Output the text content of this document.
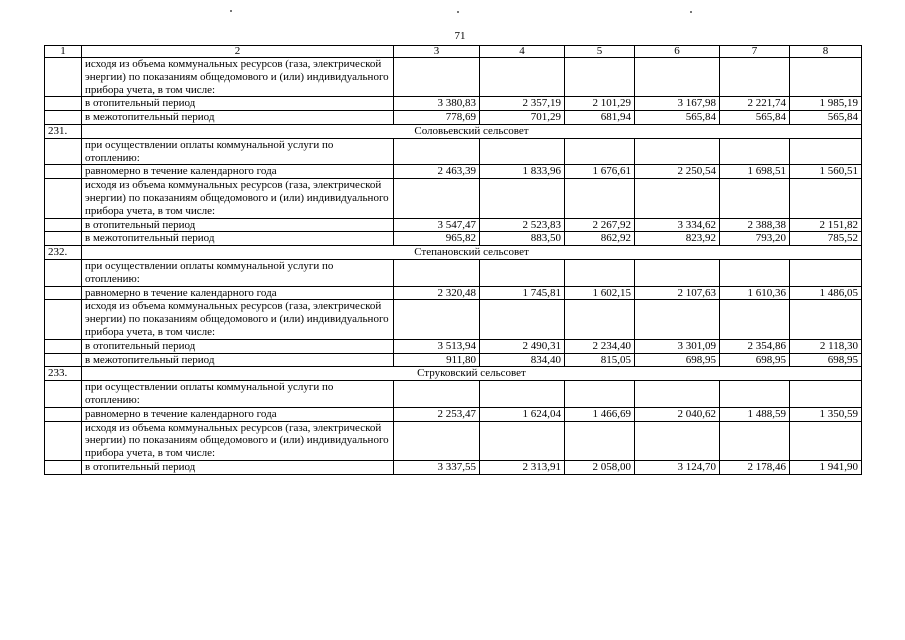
71
1	2	3	4	5	6	7	8
	исходя из объема коммунальных ресурсов (газа, электрической энергии) по показаниям общедомового и (или) индивидуального прибора учета, в том числе:						
	в отопительный период	3 380,83	2 357,19	2 101,29	3 167,98	2 221,74	1 985,19
	в межотопительный период	778,69	701,29	681,94	565,84	565,84	565,84
231.	Соловьевский сельсовет						
	при осуществлении оплаты коммунальной услуги по отоплению:						
	равномерно в течение календарного года	2 463,39	1 833,96	1 676,61	2 250,54	1 698,51	1 560,51
	исходя из объема коммунальных ресурсов (газа, электрической энергии) по показаниям общедомового и (или) индивидуального прибора учета, в том числе:						
	в отопительный период	3 547,47	2 523,83	2 267,92	3 334,62	2 388,38	2 151,82
	в межотопительный период	965,82	883,50	862,92	823,92	793,20	785,52
232.	Степановский сельсовет						
	при осуществлении оплаты коммунальной услуги по отоплению:						
	равномерно в течение календарного года	2 320,48	1 745,81	1 602,15	2 107,63	1 610,36	1 486,05
	исходя из объема коммунальных ресурсов (газа, электрической энергии) по показаниям общедомового и (или) индивидуального прибора учета, в том числе:						
	в отопительный период	3 513,94	2 490,31	2 234,40	3 301,09	2 354,86	2 118,30
	в межотопительный период	911,80	834,40	815,05	698,95	698,95	698,95
233.	Струковский сельсовет						
	при осуществлении оплаты коммунальной услуги по отоплению:						
	равномерно в течение календарного года	2 253,47	1 624,04	1 466,69	2 040,62	1 488,59	1 350,59
	исходя из объема коммунальных ресурсов (газа, электрической энергии) по показаниям общедомового и (или) индивидуального прибора учета, в том числе:						
	в отопительный период	3 337,55	2 313,91	2 058,00	3 124,70	2 178,46	1 941,90
